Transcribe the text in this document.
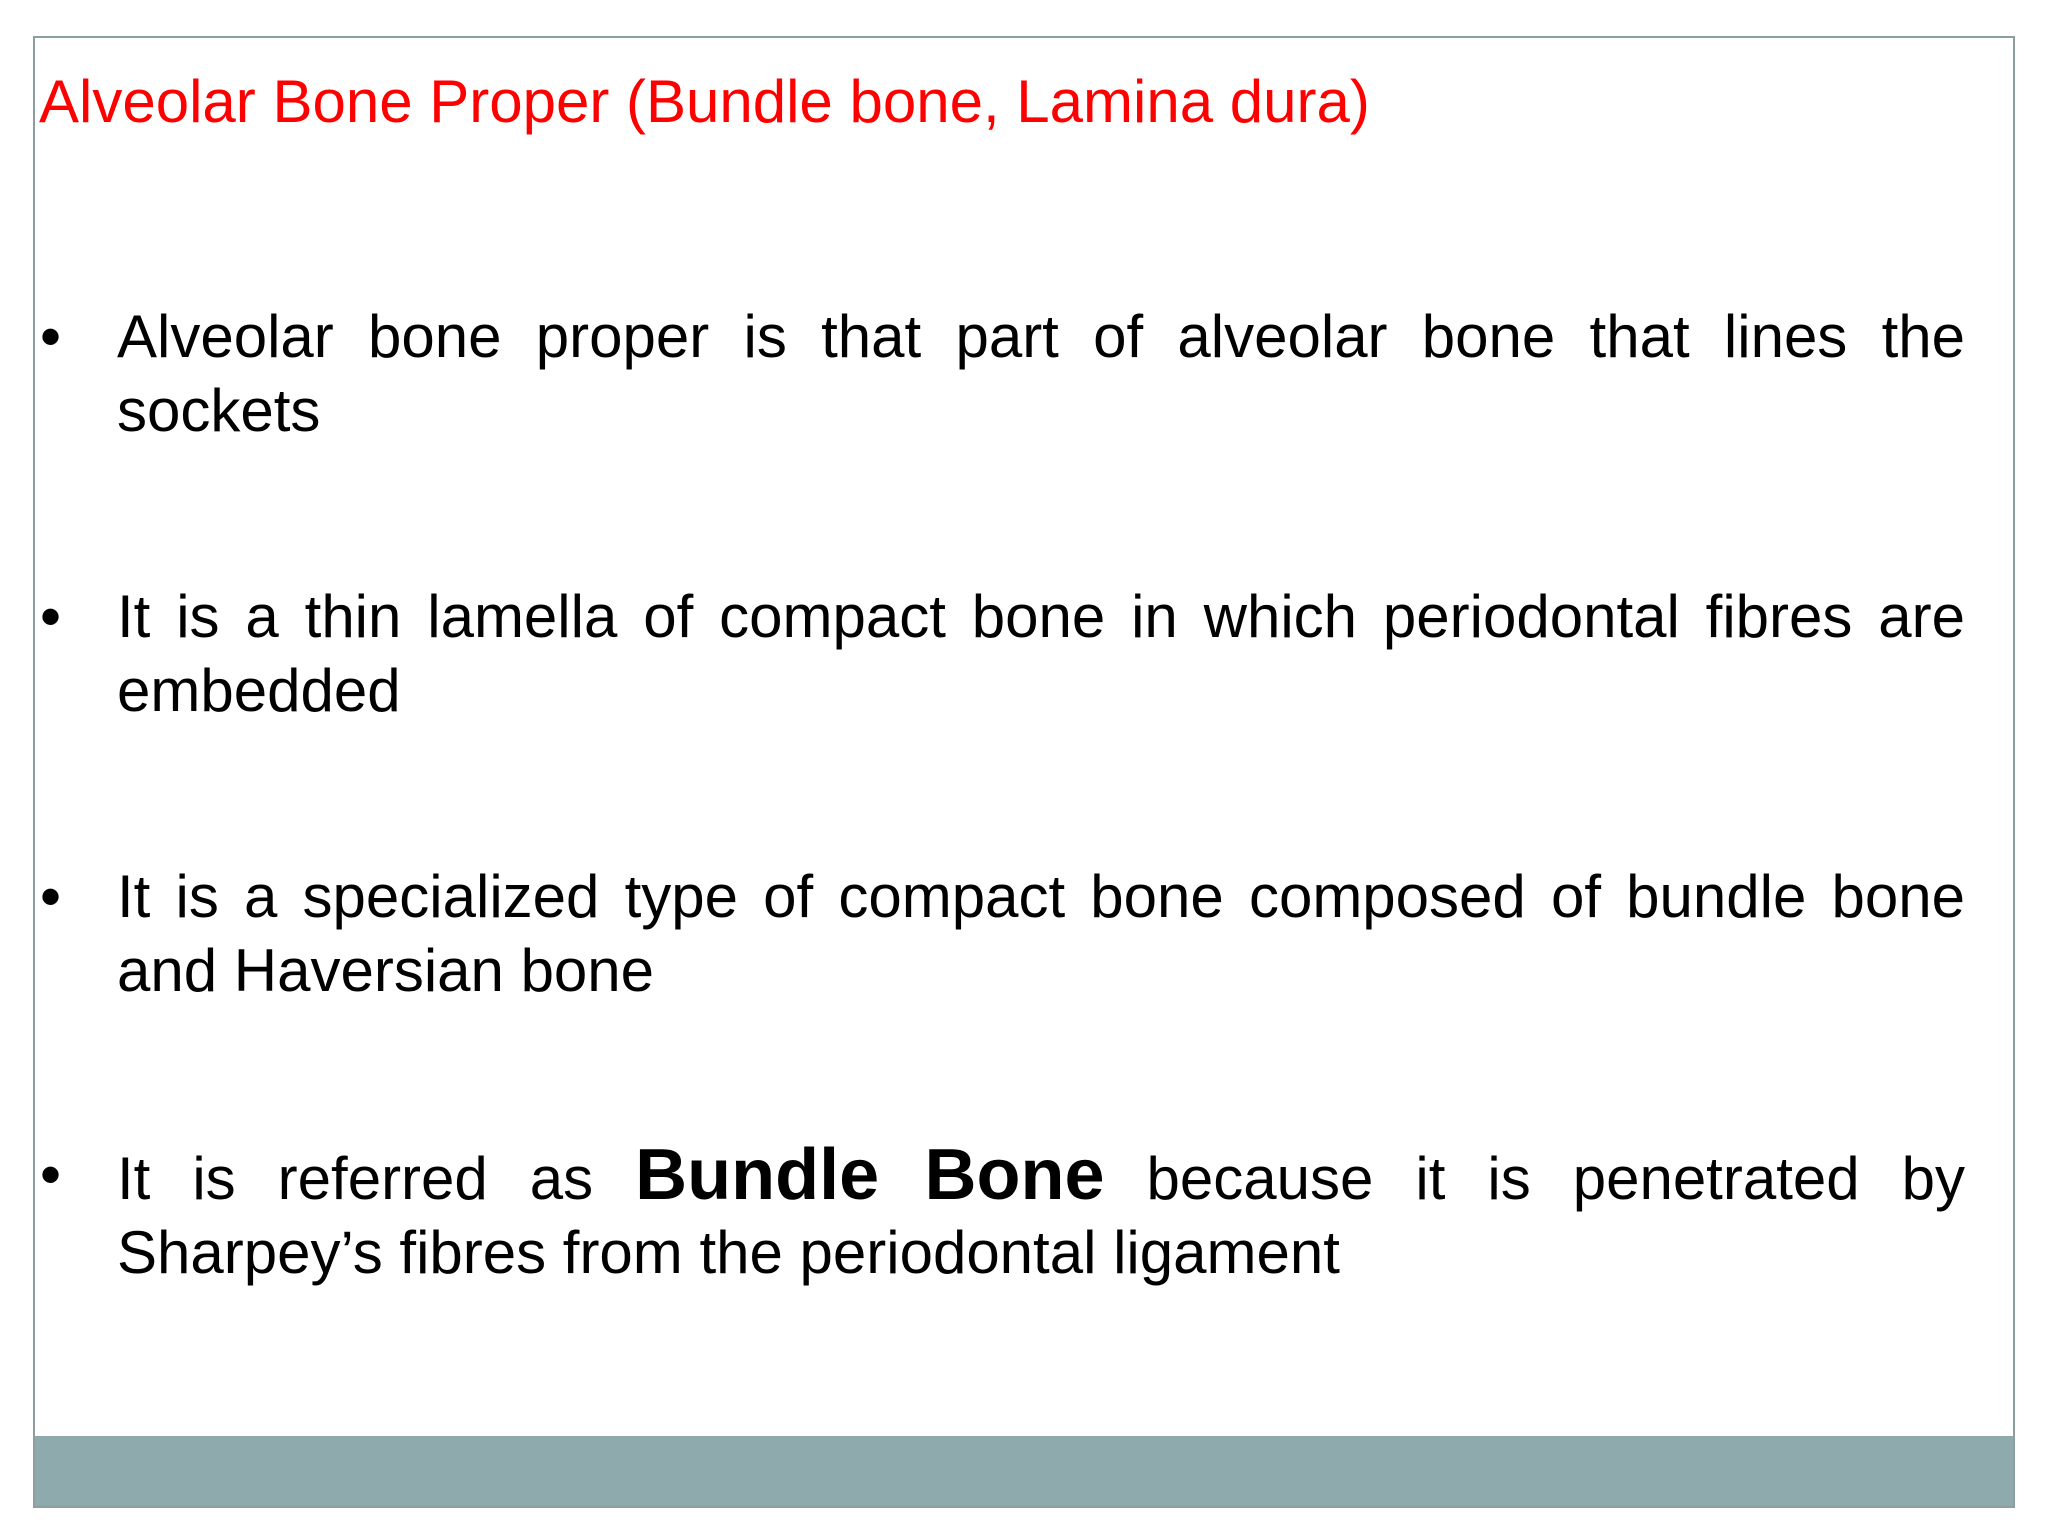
Alveolar Bone Proper (Bundle bone, Lamina dura)
• Alveolar bone proper is that part of alveolar bone that lines the sockets

• It is a thin lamella of compact bone in which periodontal fibres are embedded

• It is a specialized type of compact bone composed of bundle bone and Haversian bone

• It is referred as Bundle Bone because it is penetrated by Sharpey’s fibres from the periodontal ligament
